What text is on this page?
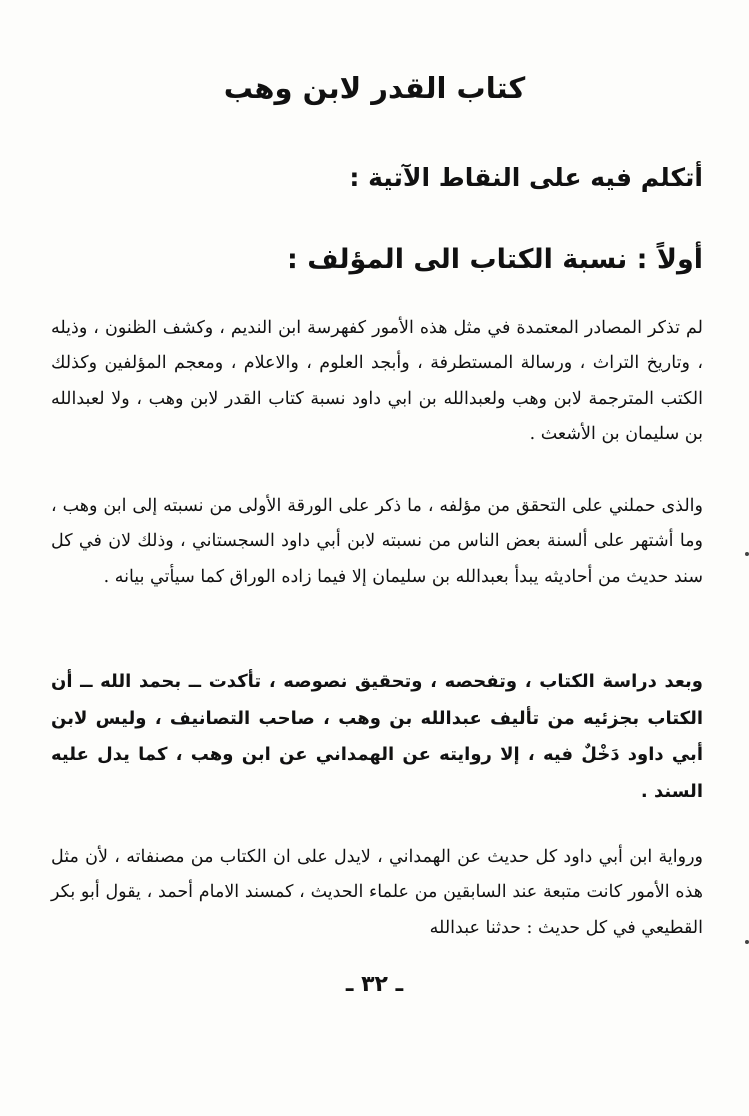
كتاب القدر لابن وهب
أتكلم فيه على النقاط الآتية :
أولاً : نسبة الكتاب الى المؤلف :
لم تذكر المصادر المعتمدة في مثل هذه الأمور كفهرسة ابن النديم ، وكشف الظنون ، وذيله ، وتاريخ التراث ، ورسالة المستطرفة ، وأبجد العلوم ، والاعلام ، ومعجم المؤلفين وكذلك الكتب المترجمة لابن وهب ولعبدالله بن ابي داود نسبة كتاب القدر لابن وهب ، ولا لعبدالله بن سليمان بن الأشعث .
والذى حملني على التحقق من مؤلفه ، ما ذكر على الورقة الأولى من نسبته إلى ابن وهب ، وما أشتهر على ألسنة بعض الناس من نسبته لابن أبي داود السجستاني ، وذلك لان في كل سند حديث من أحاديثه يبدأ بعبدالله بن سليمان إلا فيما زاده الوراق كما سيأتي بيانه .
وبعد دراسة الكتاب ، وتفحصه ، وتحقيق نصوصه ، تأكدت ــ بحمد الله ــ أن الكتاب بجزئيه من تأليف عبدالله بن وهب ، صاحب التصانيف ، وليس لابن أبي داود دَخْلٌ فيه ، إلا روايته عن الهمداني عن ابن وهب ، كما يدل عليه السند .
ورواية ابن أبي داود كل حديث عن الهمداني ، لايدل على ان الكتاب من مصنفاته ، لأن مثل هذه الأمور كانت متبعة عند السابقين من علماء الحديث ، كمسند الامام أحمد ، يقول أبو بكر القطيعي في كل حديث : حدثنا عبدالله
ـ ٣٢ ـ
